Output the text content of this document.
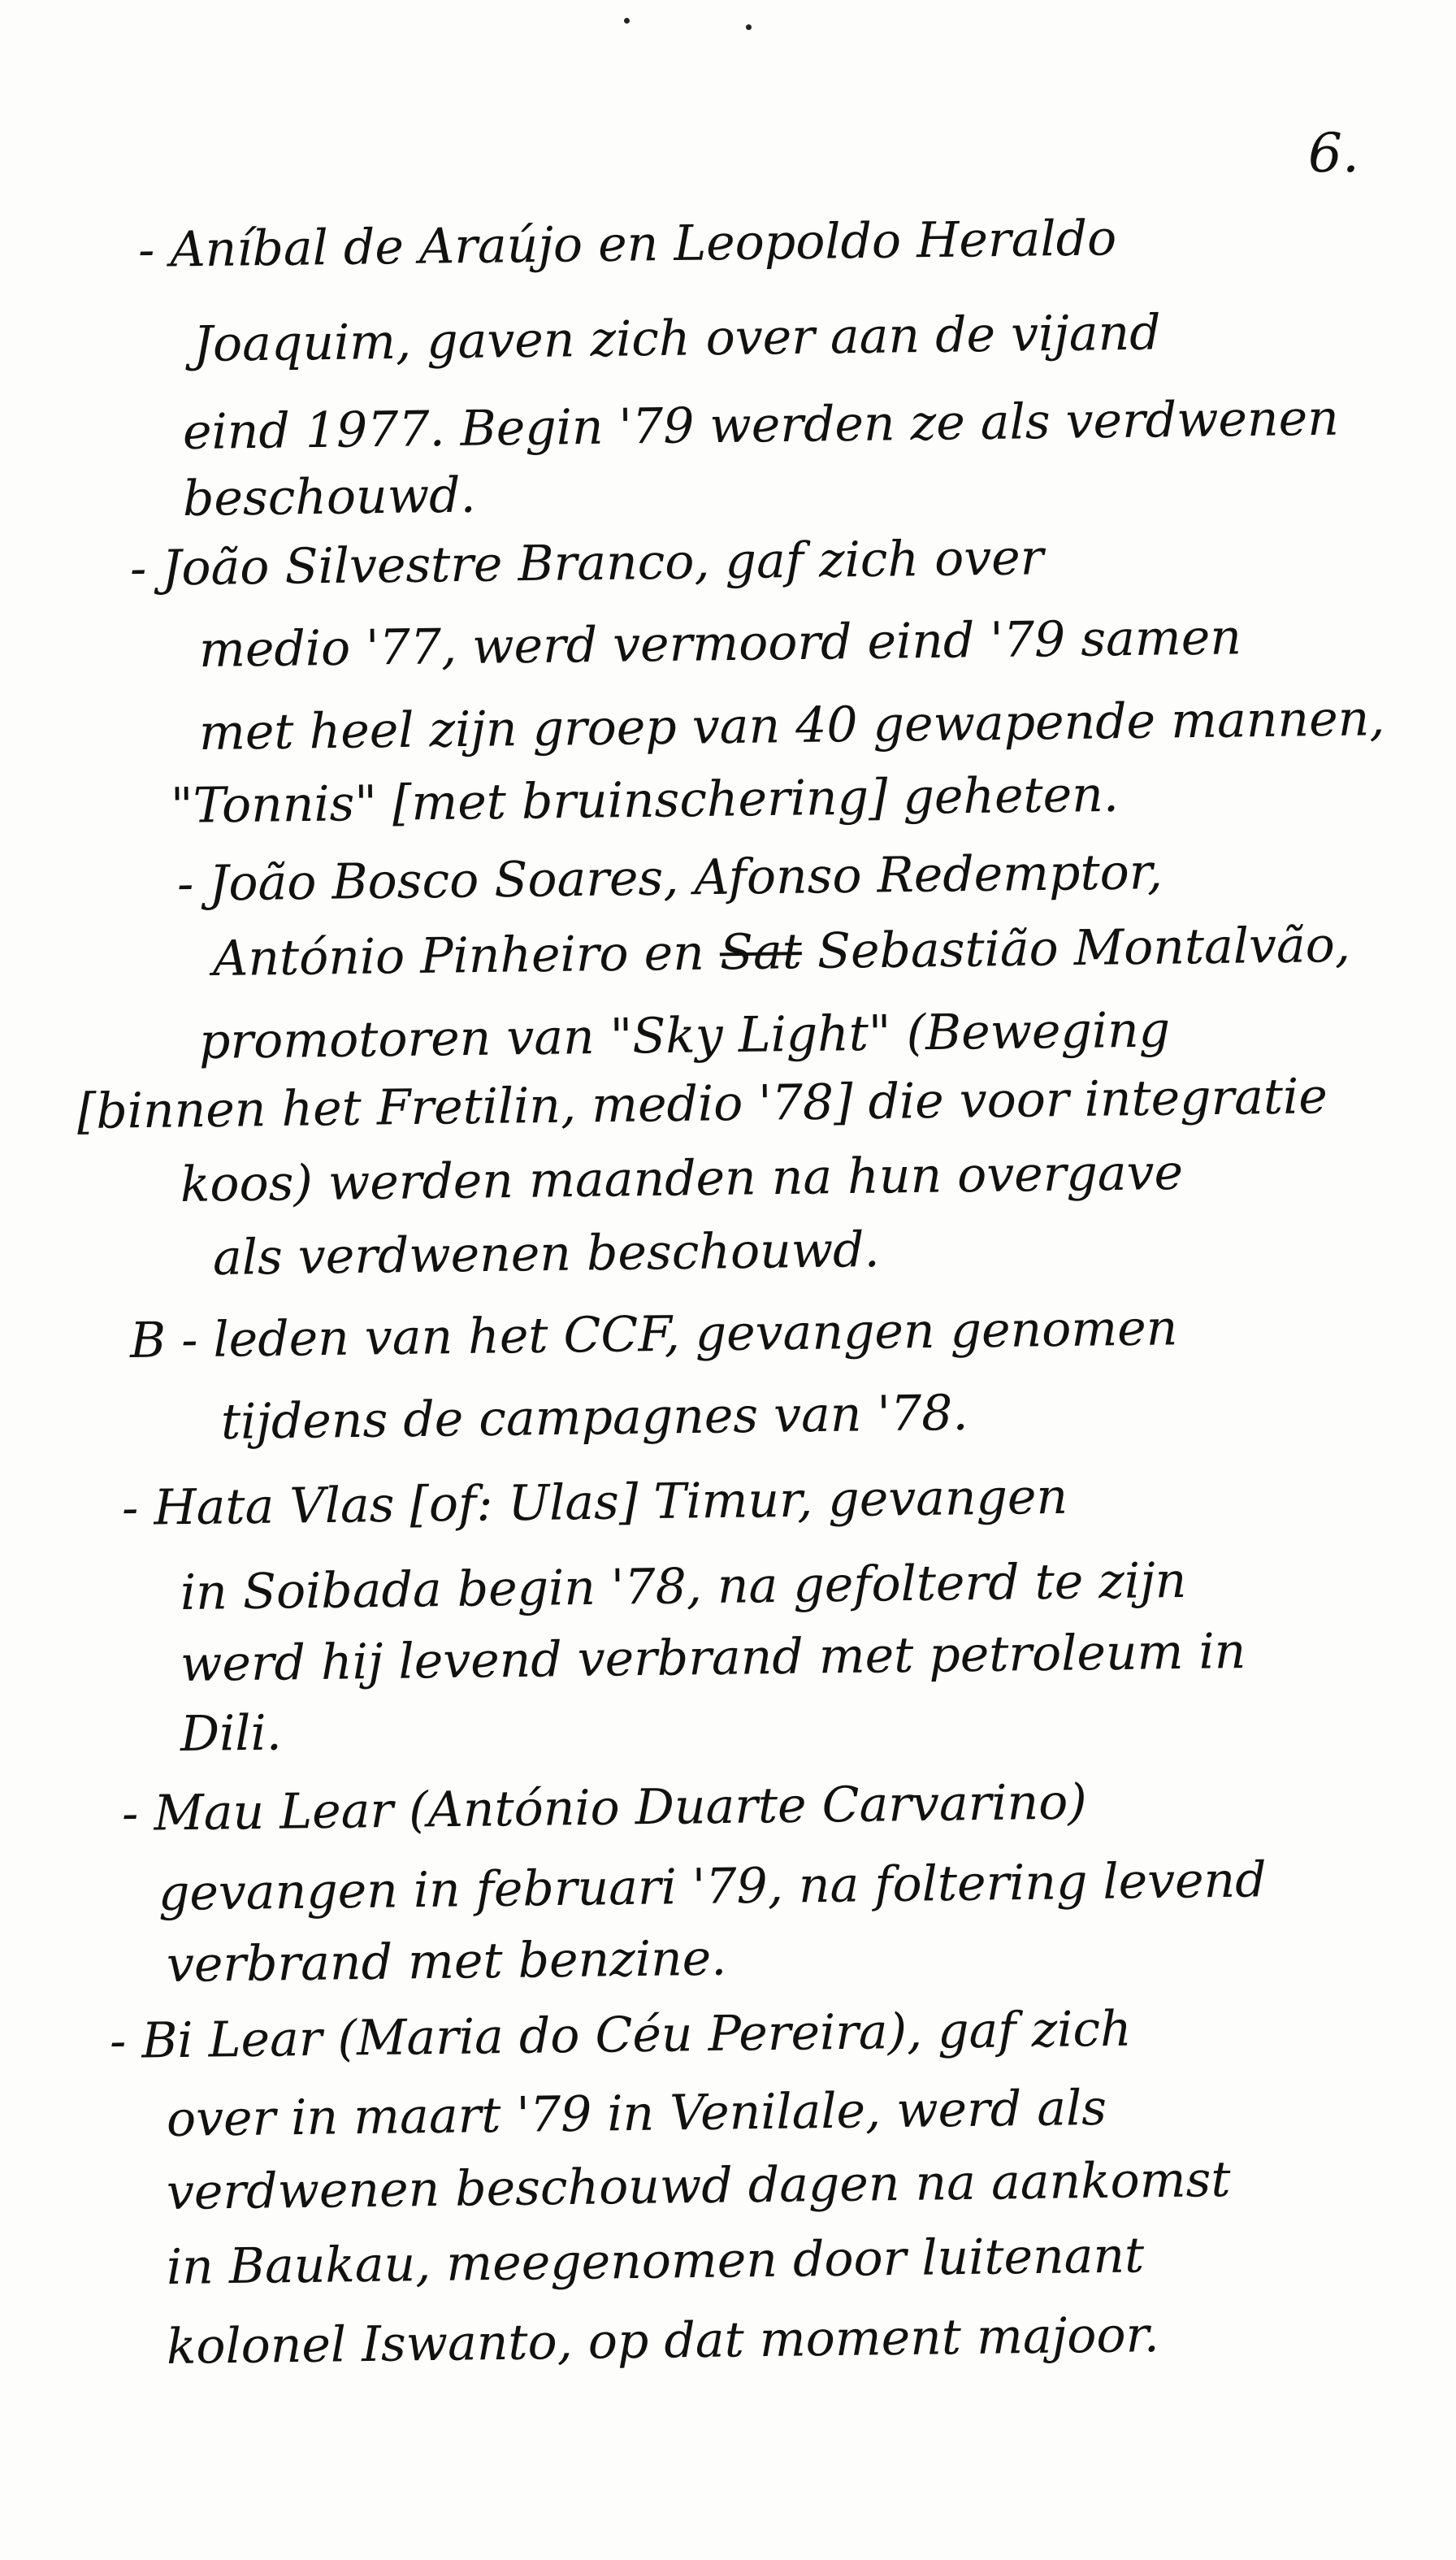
6.
- Aníbal de Araújo en Leopoldo Heraldo
Joaquim, gaven zich over aan de vijand
eind 1977. Begin '79 werden ze als verdwenen
beschouwd.
- João Silvestre Branco, gaf zich over
medio '77, werd vermoord eind '79 samen
met heel zijn groep van 40 gewapende mannen,
"Tonnis" [met bruinschering] geheten.
- João Bosco Soares, Afonso Redemptor,
António Pinheiro en Sat Sebastião Montalvão,
promotoren van "Sky Light" (Beweging
[binnen het Fretilin, medio '78] die voor integratie
koos) werden maanden na hun overgave
als verdwenen beschouwd.
B - leden van het CCF, gevangen genomen
tijdens de campagnes van '78.
- Hata Vlas [of: Ulas] Timur, gevangen
in Soibada begin '78, na gefolterd te zijn
werd hij levend verbrand met petroleum in
Dili.
- Mau Lear (António Duarte Carvarino)
gevangen in februari '79, na foltering levend
verbrand met benzine.
- Bi Lear (Maria do Céu Pereira), gaf zich
over in maart '79 in Venilale, werd als
verdwenen beschouwd dagen na aankomst
in Baukau, meegenomen door luitenant
kolonel Iswanto, op dat moment majoor.
